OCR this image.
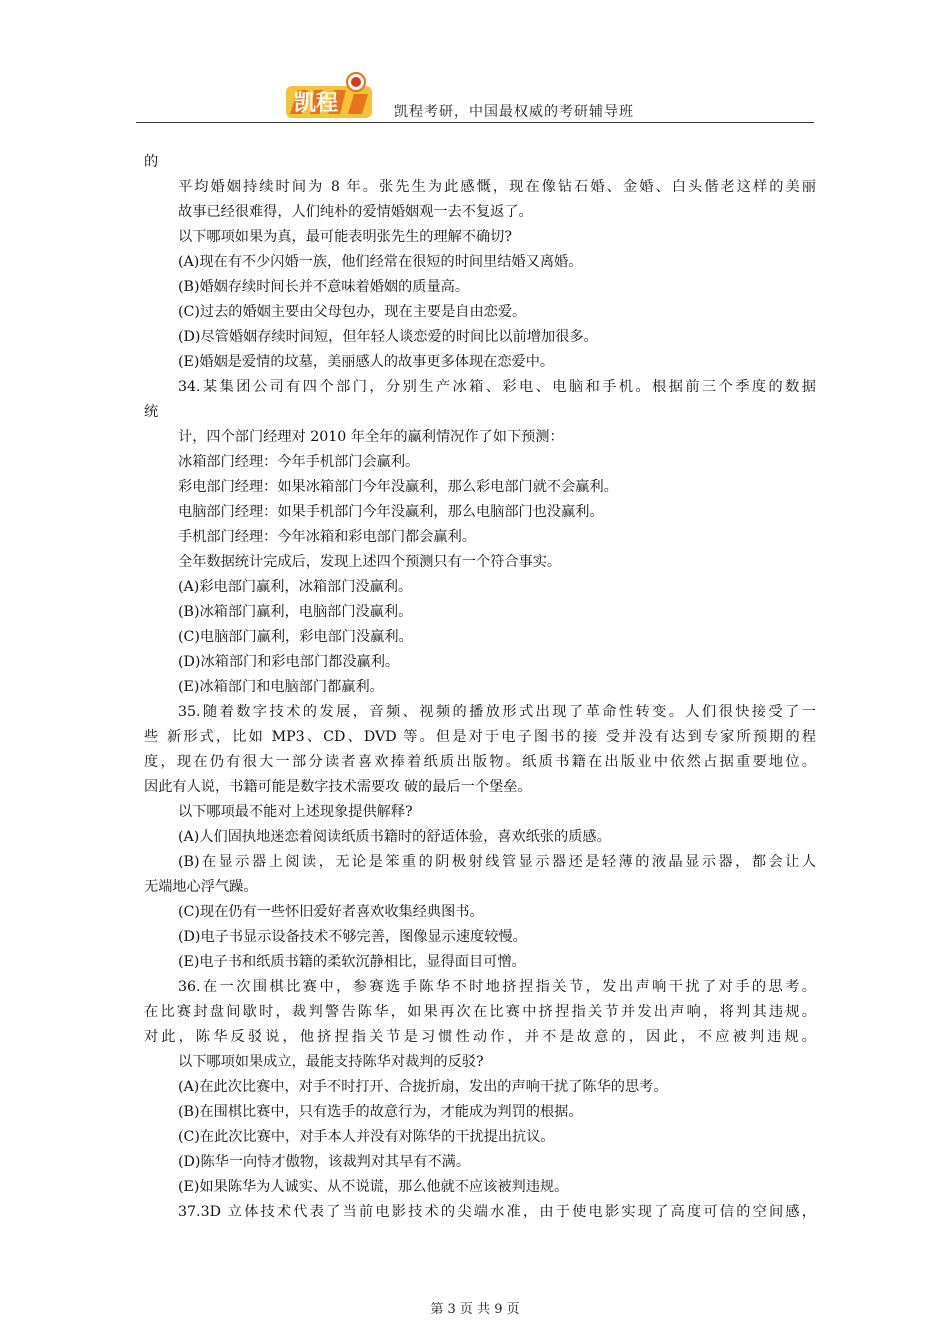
凯程	凯程考研，中国最权威的考研辅导班
的
平均婚姻持续时间为 8 年。张先生为此感慨，现在像钻石婚、金婚、白头偕老这样的美丽
故事已经很难得，人们纯朴的爱情婚姻观一去不复返了。
以下哪项如果为真，最可能表明张先生的理解不确切?
(A)现在有不少闪婚一族，他们经常在很短的时间里结婚又离婚。
(B)婚姻存续时间长并不意味着婚姻的质量高。
(C)过去的婚姻主要由父母包办，现在主要是自由恋爱。
(D)尽管婚姻存续时间短，但年轻人谈恋爱的时间比以前增加很多。
(E)婚姻是爱情的坟墓，美丽感人的故事更多体现在恋爱中。
34.某集团公司有四个部门，分别生产冰箱、彩电、电脑和手机。根据前三个季度的数据
统
计，四个部门经理对 2010 年全年的赢利情况作了如下预测：
冰箱部门经理：今年手机部门会赢利。
彩电部门经理：如果冰箱部门今年没赢利，那么彩电部门就不会赢利。
电脑部门经理：如果手机部门今年没赢利，那么电脑部门也没赢利。
手机部门经理：今年冰箱和彩电部门都会赢利。
全年数据统计完成后，发现上述四个预测只有一个符合事实。
(A)彩电部门赢利，冰箱部门没赢利。
(B)冰箱部门赢利，电脑部门没赢利。
(C)电脑部门赢利，彩电部门没赢利。
(D)冰箱部门和彩电部门都没赢利。
(E)冰箱部门和电脑部门都赢利。
35.随着数字技术的发展，音频、视频的播放形式出现了革命性转变。人们很快接受了一
些 新形式，比如 MP3、CD、DVD 等。但是对于电子图书的接 受并没有达到专家所预期的程
度，现在仍有很大一部分读者喜欢捧着纸质出版物。纸质书籍在出版业中依然占据重要地位。
因此有人说，书籍可能是数字技术需要攻 破的最后一个堡垒。
以下哪项最不能对上述现象提供解释?
(A)人们固执地迷恋着阅读纸质书籍时的舒适体验，喜欢纸张的质感。
(B)在显示器上阅读，无论是笨重的阴极射线管显示器还是轻薄的液晶显示器，都会让人
无端地心浮气躁。
(C)现在仍有一些怀旧爱好者喜欢收集经典图书。
(D)电子书显示设备技术不够完善，图像显示速度较慢。
(E)电子书和纸质书籍的柔软沉静相比，显得面目可憎。
36.在一次围棋比赛中，参赛选手陈华不时地挤捏指关节，发出声响干扰了对手的思考。
在比赛封盘间歇时，裁判警告陈华，如果再次在比赛中挤捏指关节并发出声响，将判其违规。
对此，陈华反驳说，他挤捏指关节是习惯性动作，并不是故意的，因此，不应被判违规。
以下哪项如果成立，最能支持陈华对裁判的反驳?
(A)在此次比赛中，对手不时打开、合拢折扇，发出的声响干扰了陈华的思考。
(B)在围棋比赛中，只有选手的故意行为，才能成为判罚的根据。
(C)在此次比赛中，对手本人并没有对陈华的干扰提出抗议。
(D)陈华一向恃才傲物，该裁判对其早有不满。
(E)如果陈华为人诚实、从不说谎，那么他就不应该被判违规。
37.3D 立体技术代表了当前电影技术的尖端水准，由于使电影实现了高度可信的空间感，
第 3 页 共 9 页
